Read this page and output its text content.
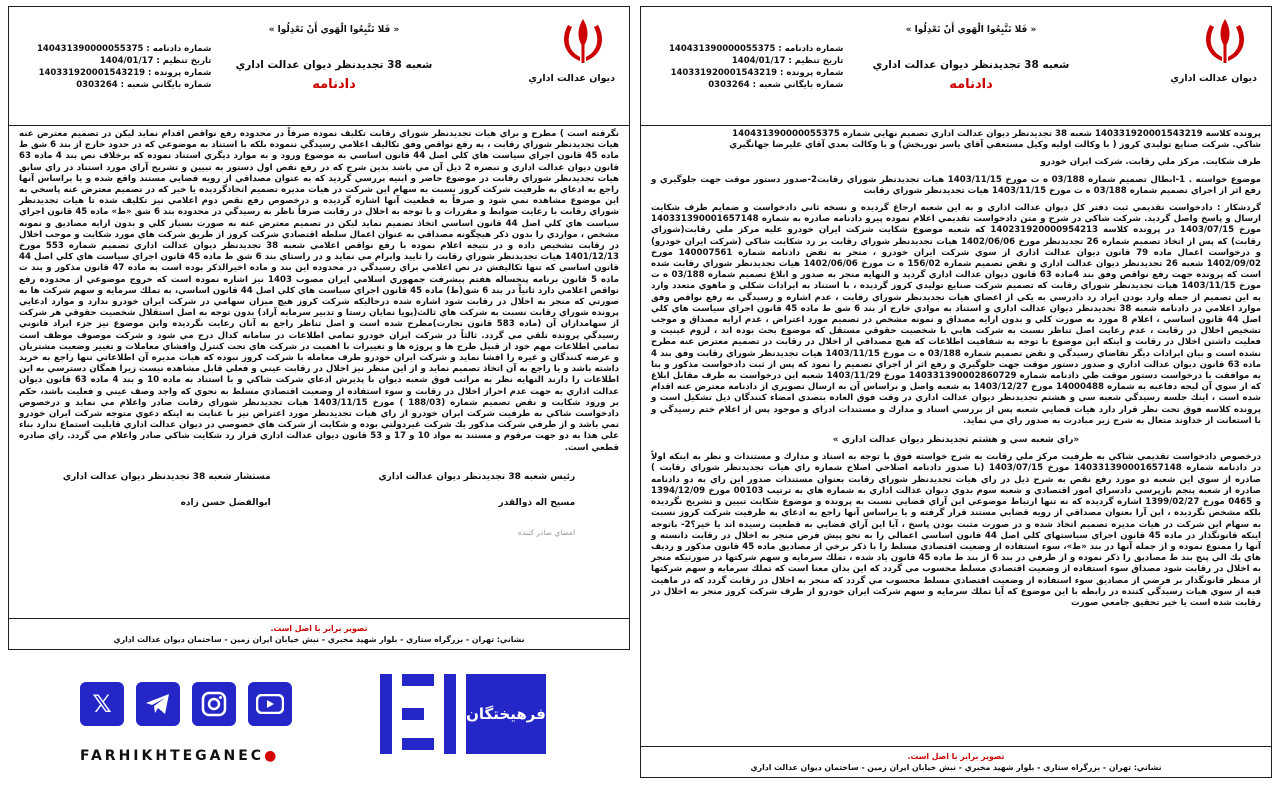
ديوان عدالت اداري
« فَلا تَتَّبِعُوا الْهَوي أَنْ تَعْدِلُوا »
شعبه 38 تجديدنظر ديوان عدالت اداري
دادنامه
شماره دادنامه : 140431390000055375
تاريخ تنظيم : 1404/01/17
شماره پرونده : 140331920001543219
شماره بايگاني شعبه : 0303264

نگرفته است ) مطرح و براي هيات تجديدنظر شوراي رقابت تكليف نموده صرفاً در محدوده رفع نواقص اقدام نمايد ليكن در تصميم معترض عنه هيات تجديدنظر شوراي رقابت ، به رفع نواقص وفق تكاليف اعلامي رسيدگي ننموده بلكه با استناد به موضوعي كه در حدود خارج از بند 6 شق ط ماده 45 قانون اجراي سياست هاي كلي اصل 44 قانون اساسي به موضوع ورود و به موارد ديگري استناد نموده كه برخلاف نص بند 4 ماده 63 قانون ديوان عدالت اداري و تبصره 2 ذيل آن مي باشد بدين شرح كه در رفع نقص اول دستور به تبيين و تشريح آراي مورد استناد در راي سابق هيات تجديدنظر شوراي رقابت در موضوع حاضر و ابنيه بررسي گرديد كه به عنوان مصداقي از رويه قضايي مستند واقع شده و يا براساس آنها راجع به ادعاي به ظرفيت شركت كروز نسبت به سهام اين شركت در هيات مديره تصميم اتخاذگرديده يا خير كه در تصميم معترض عنه پاسخي به اين موضوع مشاهده نمي شود و صرفاً به قطعيت آنها اشاره گرديده و درخصوص رفع نقص دوم اعلامي نيز تكليف شده تا هيات تجديدنظر شوراي رقابت با رعايت ضوابط و مقررات و با توجه به اخلال در رقابت صرفاً ناظر به رسيدگي در محدوده بند 6 شق «ط» ماده 45 قانون اجراي سياست هاي كلي اصل 44 قانون اساسي اتخاذ تصميم نمايد ليكن در تصميم معترض عنه به صورت بسيار كلي و بدون ارايه مصاديق و نمونه مشخص ، مواردي را بدون ذكر هيچگونه مصداقي به عنوان اعمال سلطه اقتصادي شركت كروز از طريق شركت هاي مورد شكايت و موجب اخلال در رقابت تشخيص داده و در نتيجه اعلام نموده با رفع نواقص اعلامي شعبه 38 تجديدنظر ديوان عدالت اداري تصميم شماره 553 مورخ 1401/12/13 هيات تجديدنظر شوراي رقابت را تاييد وابرام مي نمايد و در راستاي بند 6 شق ط ماده 45 قانون اجراي سياست هاي كلي اصل 44 قانون اساسي كه تنها تكاليفش در نص اعلامي براي رسيدگي در محدوده اين بند و ماده اخيرالذكر بوده است به ماده 47 قانون مذكور و بند ت ماده 5 قانون برنامه پنجساله هفتم پيشرفت جمهوري اسلامي ايران مصوب 1403 نيز اشاره نموده است كه خروج موضوعي از محدوده رفع نواقص اعلامي دارد ثانياً در بند 6 شق(ط) ماده 45 قانون اجراي سياست هاي كلي اصل 44 قانون اساسي، به تملك سرمايه و سهم شركت ها به صورتي كه منجر به اخلال در رقابت شود اشاره شده درحاليكه شركت كروز هيچ ميزان سهامي در شركت ايران خودرو ندارد و موارد ادعايي پرونده شوراي رقابت نسبت به شركت هاي ثالث(پويا نمايان رستا و تدبير سرمايه آراد) بدون توجه به اصل استقلال شخصيت حقوقي هر شركت از سهامداران آن (ماده 583 قانون تجارت)مطرح شده است و اصل تناظر راجع به آنان رعايت نگرديده واين موضوع نيز جزء ايراد قانوني رسيدگي پرونده تلقي مي گردد. ثالثاً در شركت ايران خودرو تمامي اطلاعات در سامانه كدال درج مي شود و شركت موصوف موظف است تمامي اطلاعات مهم خود از قبيل طرح ها و پروژه ها و تغييرات با اهميت در شركت هاي تحت كنترل وافشاي معاملات و تغيير وضعيت مشتريان و عرضه كنندگان و غيره را افشا نمايد و شركت ايران خودرو طرف معامله با شركت كروز نبوده كه هيات مديره آن اطلاعاتي تنها راجع به خريد داشته باشد و يا راجع به آن اتخاذ تصميم نمايد و از اين منظر نيز اخلال در رقابت عيني و فعلي قابل مشاهده نيست زيرا همگان دسترسي به اين اطلاعات را دارند النهايه نظر به مراتب فوق شعبه ديوان با پذيرش ادعاي شركت شاكي و با استناد به ماده 10 و بند 4 ماده 63 قانون ديوان عدالت اداري به جهت عدم احراز اخلال در رقابت و سوء استفاده از وضعيت اقتصادي مسلط به نحوي كه واجد وصف عيني و فعليت باشد، حكم بر ورود شكايت و نقض تصميم شماره (188/03 ) مورخ 1403/11/15 هيات تجديدنظر شوراي رقابت صادر واعلام مي نمايد و درخصوص دادخواست شاكي به طرفيت شركت ايران خودرو از راي هيات تجديدنظر مورد اعتراض نيز با عنايت به اينكه دعوي متوجه شركت ايران خودرو نمي باشد و از طرفي شركت مذكور يك شركت غيردولتي بوده و شكايت از شركت هاي خصوصي در ديوان عدالت اداري قابليت استماع ندارد بناء علي هذا به دو جهت مرقوم و مستند به مواد 10 و 17 و 53 قانون ديوان عدالت اداري قرار رد شكايت شاكي صادر واعلام مي گردد. راي صادره قطعي است.

رئيس شعبه 38 تجديدنظر ديوان عدالت اداري
مسيح اله ذوالقدر
امضاي صادر كننده
مستشار شعبه 38 تجديدنظر ديوان عدالت اداري
ابوالفضل حسن زاده
تصوير برابر با اصل است.
نشاني: تهران - بزرگراه ستاري - بلوار شهيد مخبري - نبش خيابان ايران زمين - ساختمان ديوان عدالت اداري
ديوان عدالت اداري
« فَلا تَتَّبِعُوا الْهَوي أَنْ تَعْدِلُوا »
شعبه 38 تجديدنظر ديوان عدالت اداري
دادنامه
شماره دادنامه : 140431390000055375
تاريخ تنظيم : 1404/01/17
شماره پرونده : 140331920001543219
شماره بايگاني شعبه : 0303264

پرونده كلاسه 140331920001543219 شعبه 38 تجديدنظر ديوان عدالت اداري تصميم نهايي شماره 140431390000055375

شاكي. شركت صنايع توليدي كروز ( با وكالت اوليه وكيل مستعفي آقاي ياسر نوربخش) و با وكالت بعدي آقاي عليرضا جهانگيري

طرف شكايت. مركز ملي رقابت. شركت ايران خودرو

موضوع خواسته . 1-ابطال تصميم شماره 03/188 ه ت مورخ 1403/11/15 هيات تجديدنظر شوراي رقابت2-صدور دستور موقت جهت جلوگيري و رفع اثر از اجراي تصميم شماره 03/188 ه ت مورخ 1403/11/15 هيات تجديدنظر شوراي رقابت

گردشكار : دادخواست تقديمي ثبت دفتر كل ديوان عدالت اداري و به اين شعبه ارجاع گرديده و نسخه ثاني دادخواست و ضمايم طرف شكايت ارسال و پاسخ واصل گرديد. شركت شاكي در شرح و متن دادخواست تقديمي اعلام نموده پيرو دادنامه صادره به شماره 140331390001657148 مورخ 1403/07/15 در پرونده كلاسه 140231920000954213 كه شعبه موضوع شكايت شركت ايران خودرو عليه مركز ملي رقابت(شوراي رقابت) كه پس از اتخاذ تصميم شماره 26 تجديدنظر مورخ 1402/06/06 هيات تجديدنظر شوراي رقابت بر رد شكايت شاكي (شركت ايران خودرو) و درخواست اعمال ماده 79 قانون ديوان عدالت اداري از سوي شركت ايران خودرو ، منجر به نقض دادنامه شماره 140007561 مورخ 1402/09/02 شعبه 26 تجديدنظر ديوان عدالت اداري و نقض تصميم شماره 156/02 ه ت مورخ 1402/06/06 هيات تجديدنظر شوراي رقابت شده است كه پرونده جهت رفع نواقص وفق بند 4ماده 63 قانون ديوان عدالت اداري گرديد و النهايه منجر به صدور و ابلاغ تصميم شماره 03/188 ه ت مورخ 1403/11/15 هيات تجديدنظر شوراي رقابت كه تصميم شركت صنايع توليدي كروز گرديده ، با استناد به ايرادات شكلي و ماهوي متعدد وارد به اين تصميم از جمله وارد بودن ايراد رد دادرسي به يكي از اعضاي هيات تجديدنظر شوراي رقابت ، عدم اشاره و رسيدگي به رفع نواقص وفق موارد اعلامي در دادنامه شعبه 38 تجديدنظر ديوان عدالت اداري و استناد به موادي خارج از بند 6 شق ط ماده 45 قانون اجراي سياست هاي كلي اصل 44 قانون اساسي ، اعلام 8 مورد به صورت كلي و بدون ارايه مصداق و نمونه مشخص در تصميم مورد اعتراض ، عدم ارايه مصداق و موجب تشخيص اخلال در رقابت ، عدم رعايت اصل تناظر نسبت به شركت هايي با شخصيت حقوقي مستقل كه موضوع بحث بوده اند ، لزوم عينيت و فعليت داشتن اخلال در رقابت و اينكه اين موضوع با توجه به شفافيت اطلاعات كه هيچ مصداقي از اخلال در رقابت در تصميم معترض عنه مطرح نشده است و بيان ايرادات ديگر تقاضاي رسيدگي و نقض تصميم شماره 03/188 ه ت مورخ 1403/11/15 هيات تجديدنظر شوراي رقابت وفق بند 4 ماده 63 قانون ديوان عدالت اداري و صدور دستور موقت جهت جلوگيري و رفع اثر از اجراي تصميم را نمود كه پس از ثبت دادخواست مذكور و بنا به موافقت با درخواست دستور موقت طي دادنامه شماره 140331390002860729 مورخ 1403/11/29 شعبه اين درخواست به طرف مقابل ابلاغ كه از سوي آن ليحه دفاعيه به شماره 14000488 مورخ 1403/12/27 به شعبه واصل و براساس آن به ارسال تصويري از دادنامه معترض عنه اقدام شده است ، اينك جلسه رسيدگي شعبه سي و هشتم تجديدنظر ديوان عدالت اداري در وقت فوق العاده بتصدي امضاء كنندگان ذيل تشكيل است و پرونده كلاسه فوق تحت نظر قرار دارد هيات قضايي شعبه پس از بررسي اسناد و مدارك و مستندات ادراي و موجود پس از اعلام ختم رسيدگي و با استعانت از خداوند متعال به شرح زير مبادرت به صدور راي مي نمايد.

«راي شعبه سي و هشتم تجديدنظر ديوان عدالت اداري »

درخصوص دادخواست تقديمي شاكي به طرفيت مركز ملي رقابت به شرح خواسته فوق با توجه به اسناد و مدارك و مستندات و نظر به اينكه اولاً در دادنامه شماره 140331390001657148 مورخ 1403/07/15 (با صدور دادنامه اصلاحي اصلاح شماره راي هيات تجديدنظر شوراي رقابت ) صادره از سوي اين شعبه دو مورد رفع نقص به شرح ذيل در راي هيات تجديدنظر شوراي رقابت بعنوان مستندات صدور اين راي به دو دادنامه صادره از شعبه پنجم بازپرسي دادسراي امور اقتصادي و شعبه سوم بدوي ديوان عدالت اداري به شماره هاي به ترتيب 00103 مورخ 1394/12/09 و 0465 مورخ 1399/02/27 اشاره گرديده كه نه تنها ارتباط موضوعي اين آراي قضايي نسبت به پرونده و موضوع شكايت تبيين و تشريح نگرديده بلكه مشخص نگرديده ، اين آرا بعنوان مصداقي از رويه قضايي مستند قرار گرفته و يا براساس آنها راجع به ادعاي به ظرفيت شركت كروز نسبت به سهام اين شركت در هيات مديره تصميم اتخاذ شده و در صورت مثبت بودن پاسخ ، آيا اين آراي قضايي به قطعيت رسيده اند يا خير؟2- باتوجه اينكه قانونگذار در ماده 45 قانون اجراي سياستهاي كلي اصل 44 قانون اساسي اعمالي را به نحو پيش فرض منجر به اخلال در رقابت دانسته و آنها را ممنوع نموده و از جمله آنها در بند «ط»، سوء استفاده از وضعيت اقتصادي مسلط را با ذكر برخي از مصاديق ماده 45 قانون مذكور و رديف هاي يك الي پنج بند ط مصاديق را ذكر نموده و از طرفي در بند 6 از بند ط ماده 45 قانون ياد شده ، تملك سرمايه و سهم شركتها در صورتيكه منجر به اخلال در رقابت شود مصداق سوء استفاده از وضعيت اقتصادي مسلط محسوب مي گردد كه اين بدان معنا است كه تملك سرمايه و سهم شركتها از منظر قانونگذار بر فرضي از مصاديق سوء استفاده از وضعيت اقتصادي مسلط محسوب مي گردد كه منجر به اخلال در رقابت گردد كه در ماهيت فيه از سوي هيات رسيدگي كننده در رابطه با اين موضوع كه آيا تملك سرمايه و سهم شركت ايران خودرو از طرف شركت كروز منجر به اخلال در رقابت شده است يا خير تحقيق جامعي صورت

تصوير برابر با اصل است.
نشاني: تهران - بزرگراه ستاري - بلوار شهيد مخبري - نبش خيابان ايران زمين - ساختمان ديوان عدالت اداري
𝕏
FARHIKHTEGANEC●
فرهيختگان
